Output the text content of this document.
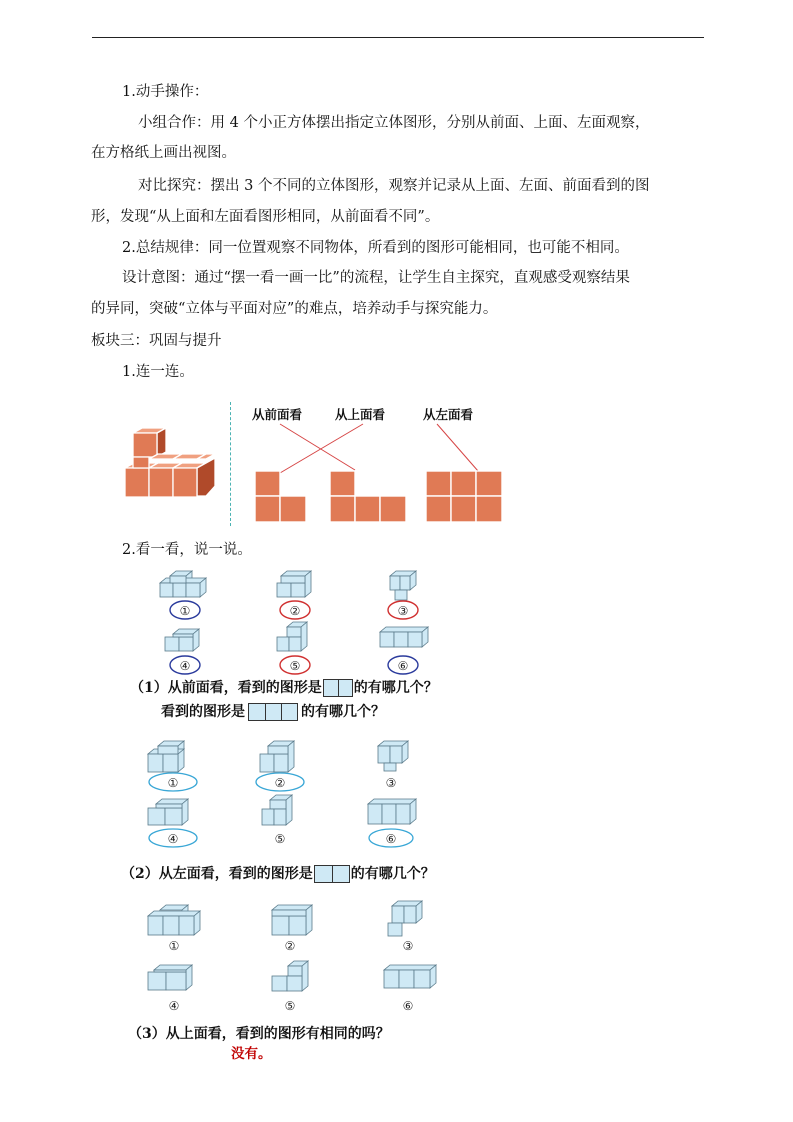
1.动手操作：
小组合作：用 4 个小正方体摆出指定立体图形，分别从前面、上面、左面观察，
在方格纸上画出视图。
对比探究：摆出 3 个不同的立体图形，观察并记录从上面、左面、前面看到的图
形，发现“从上面和左面看图形相同，从前面看不同”。
2.总结规律：同一位置观察不同物体，所看到的图形可能相同，也可能不相同。
设计意图：通过“摆一看一画一比”的流程，让学生自主探究，直观感受观察结果
的异同，突破“立体与平面对应”的难点，培养动手与探究能力。
板块三：巩固与提升
1.连一连。
从前面看	从上面看	从左面看
2.看一看，说一说。
①	②	③
④	⑤	⑥
（1）从前面看，看到的图形是 的有哪几个？
看到的图形是	的有哪几个？
①	②	③
④	⑤	⑥
（2）从左面看，看到的图形是	的有哪几个？
①	②	③
④	⑤	⑥
（3）从上面看，看到的图形有相同的吗？
没有。
